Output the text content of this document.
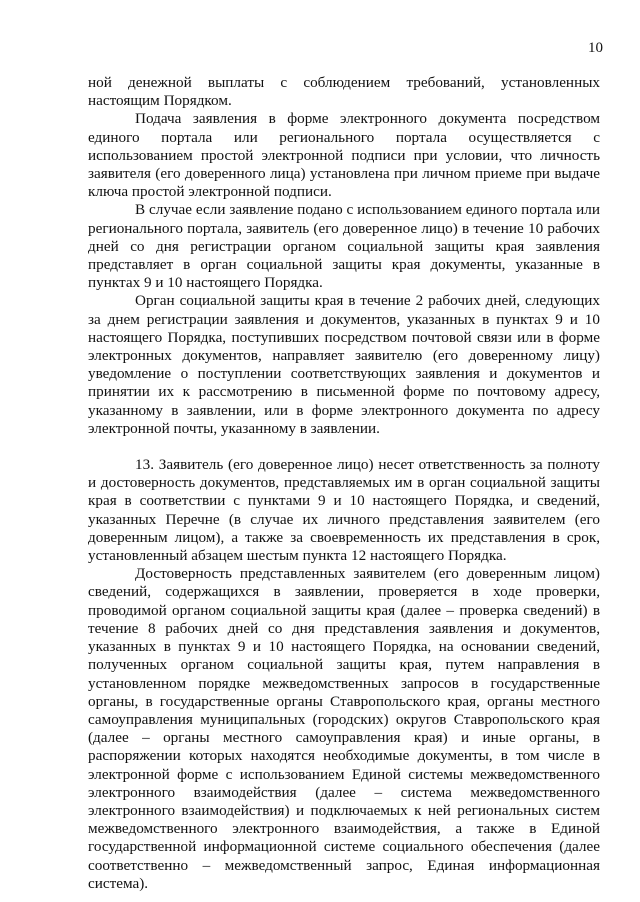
10

ной денежной выплаты с соблюдением требований, установленных настоящим Порядком.

Подача заявления в форме электронного документа посредством единого портала или регионального портала осуществляется с использованием простой электронной подписи при условии, что личность заявителя (его доверенного лица) установлена при личном приеме при выдаче ключа простой электронной подписи.

В случае если заявление подано с использованием единого портала или регионального портала, заявитель (его доверенное лицо) в течение 10 рабочих дней со дня регистрации органом социальной защиты края заявления представляет в орган социальной защиты края документы, указанные в пунктах 9 и 10 настоящего Порядка.

Орган социальной защиты края в течение 2 рабочих дней, следующих за днем регистрации заявления и документов, указанных в пунктах 9 и 10 настоящего Порядка, поступивших посредством почтовой связи или в форме электронных документов, направляет заявителю (его доверенному лицу) уведомление о поступлении соответствующих заявления и документов и принятии их к рассмотрению в письменной форме по почтовому адресу, указанному в заявлении, или в форме электронного документа по адресу электронной почты, указанному в заявлении.

13. Заявитель (его доверенное лицо) несет ответственность за полноту и достоверность документов, представляемых им в орган социальной защиты края в соответствии с пунктами 9 и 10 настоящего Порядка, и сведений, указанных Перечне (в случае их личного представления заявителем (его доверенным лицом), а также за своевременность их представления в срок, установленный абзацем шестым пункта 12 настоящего Порядка.

Достоверность представленных заявителем (его доверенным лицом) сведений, содержащихся в заявлении, проверяется в ходе проверки, проводимой органом социальной защиты края (далее – проверка сведений) в течение 8 рабочих дней со дня представления заявления и документов, указанных в пунктах 9 и 10 настоящего Порядка, на основании сведений, полученных органом социальной защиты края, путем направления в установленном порядке межведомственных запросов в государственные органы, в государственные органы Ставропольского края, органы местного самоуправления муниципальных (городских) округов Ставропольского края (далее – органы местного самоуправления края) и иные органы, в распоряжении которых находятся необходимые документы, в том числе в электронной форме с использованием Единой системы межведомственного электронного взаимодействия (далее – система межведомственного электронного взаимодействия) и подключаемых к ней региональных систем межведомственного электронного взаимодействия, а также в Единой государственной информационной системе социального обеспечения (далее соответственно – межведомственный запрос, Единая информационная система).
